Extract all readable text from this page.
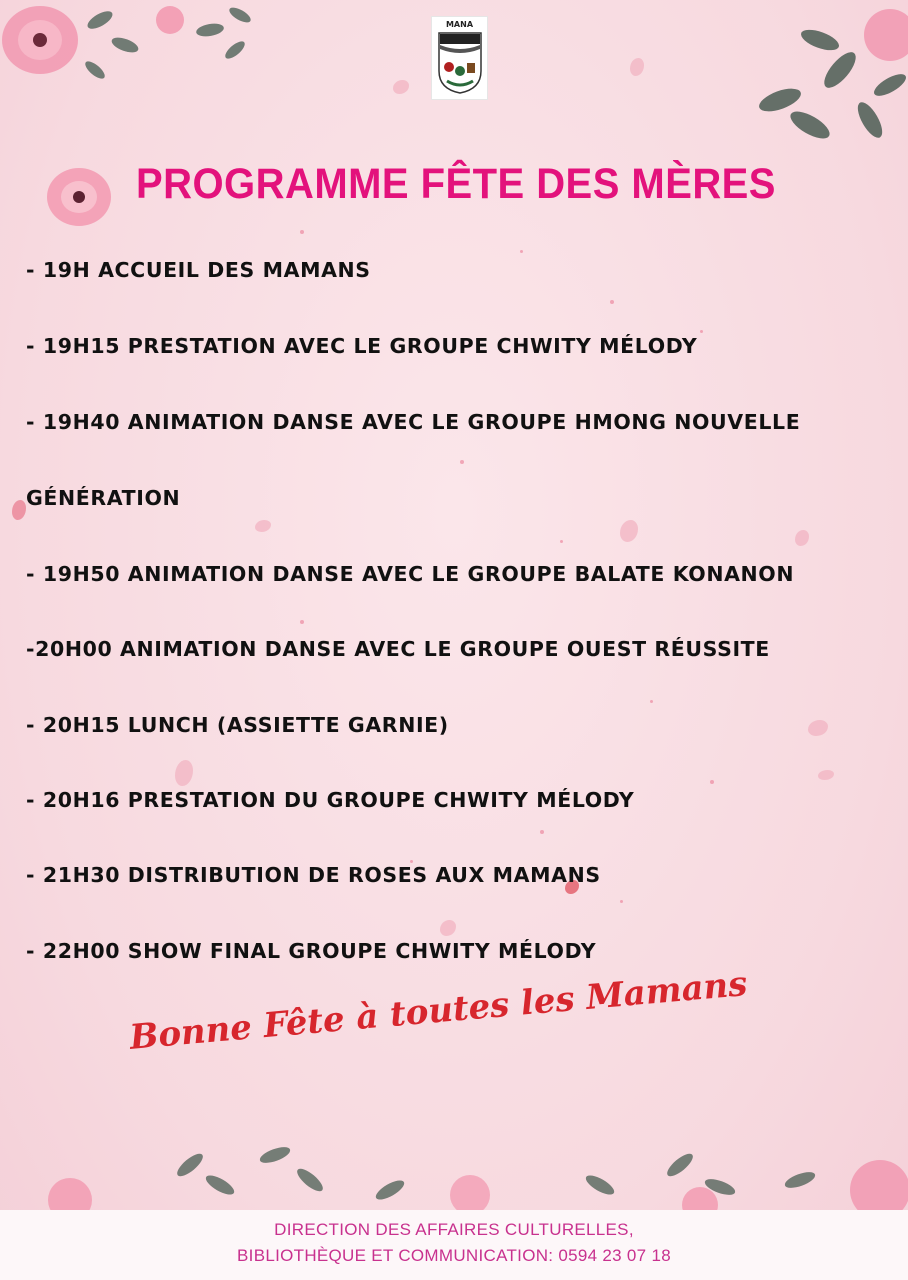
MANA
PROGRAMME FÊTE DES MÈRES
- 19H ACCUEIL DES MAMANS
- 19H15 PRESTATION AVEC LE GROUPE CHWITY MÉLODY
- 19H40 ANIMATION DANSE AVEC LE GROUPE HMONG NOUVELLE
GÉNÉRATION
- 19H50 ANIMATION DANSE AVEC LE GROUPE BALATE KONANON
-20H00 ANIMATION DANSE AVEC LE GROUPE OUEST RÉUSSITE
- 20H15 LUNCH (ASSIETTE GARNIE)
- 20H16 PRESTATION DU GROUPE CHWITY MÉLODY
- 21H30 DISTRIBUTION DE ROSES AUX MAMANS
- 22H00 SHOW FINAL GROUPE CHWITY MÉLODY
Bonne Fête à toutes les Mamans
DIRECTION DES AFFAIRES CULTURELLES,
BIBLIOTHÈQUE ET COMMUNICATION: 0594 23 07 18
